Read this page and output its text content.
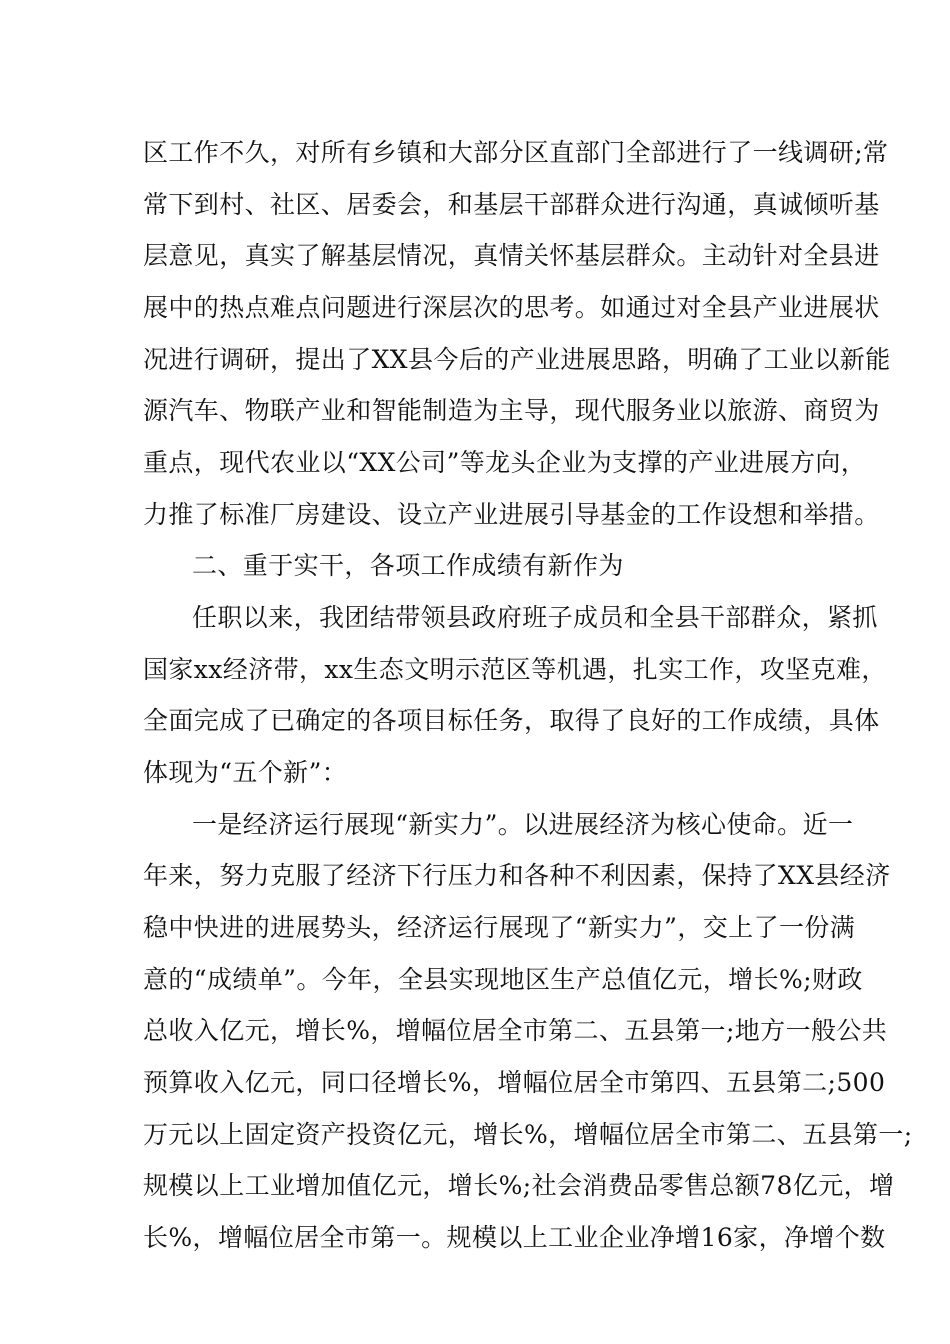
区工作不久，对所有乡镇和大部分区直部门全部进行了一线调研;常
常下到村、社区、居委会，和基层干部群众进行沟通，真诚倾听基
层意见，真实了解基层情况，真情关怀基层群众。主动针对全县进
展中的热点难点问题进行深层次的思考。如通过对全县产业进展状
况进行调研，提出了XX县今后的产业进展思路，明确了工业以新能
源汽车、物联产业和智能制造为主导，现代服务业以旅游、商贸为
重点，现代农业以“XX公司”等龙头企业为支撑的产业进展方向，
力推了标准厂房建设、设立产业进展引导基金的工作设想和举措。
二、重于实干，各项工作成绩有新作为
任职以来，我团结带领县政府班子成员和全县干部群众，紧抓
国家xx经济带，xx生态文明示范区等机遇，扎实工作，攻坚克难，
全面完成了已确定的各项目标任务，取得了良好的工作成绩，具体
体现为“五个新”：
一是经济运行展现“新实力”。以进展经济为核心使命。近一
年来，努力克服了经济下行压力和各种不利因素，保持了XX县经济
稳中快进的进展势头，经济运行展现了“新实力”，交上了一份满
意的“成绩单”。今年，全县实现地区生产总值亿元，增长%;财政
总收入亿元，增长%，增幅位居全市第二、五县第一;地方一般公共
预算收入亿元，同口径增长%，增幅位居全市第四、五县第二;500
万元以上固定资产投资亿元，增长%，增幅位居全市第二、五县第一;
规模以上工业增加值亿元，增长%;社会消费品零售总额78亿元，增
长%，增幅位居全市第一。规模以上工业企业净增16家，净增个数
